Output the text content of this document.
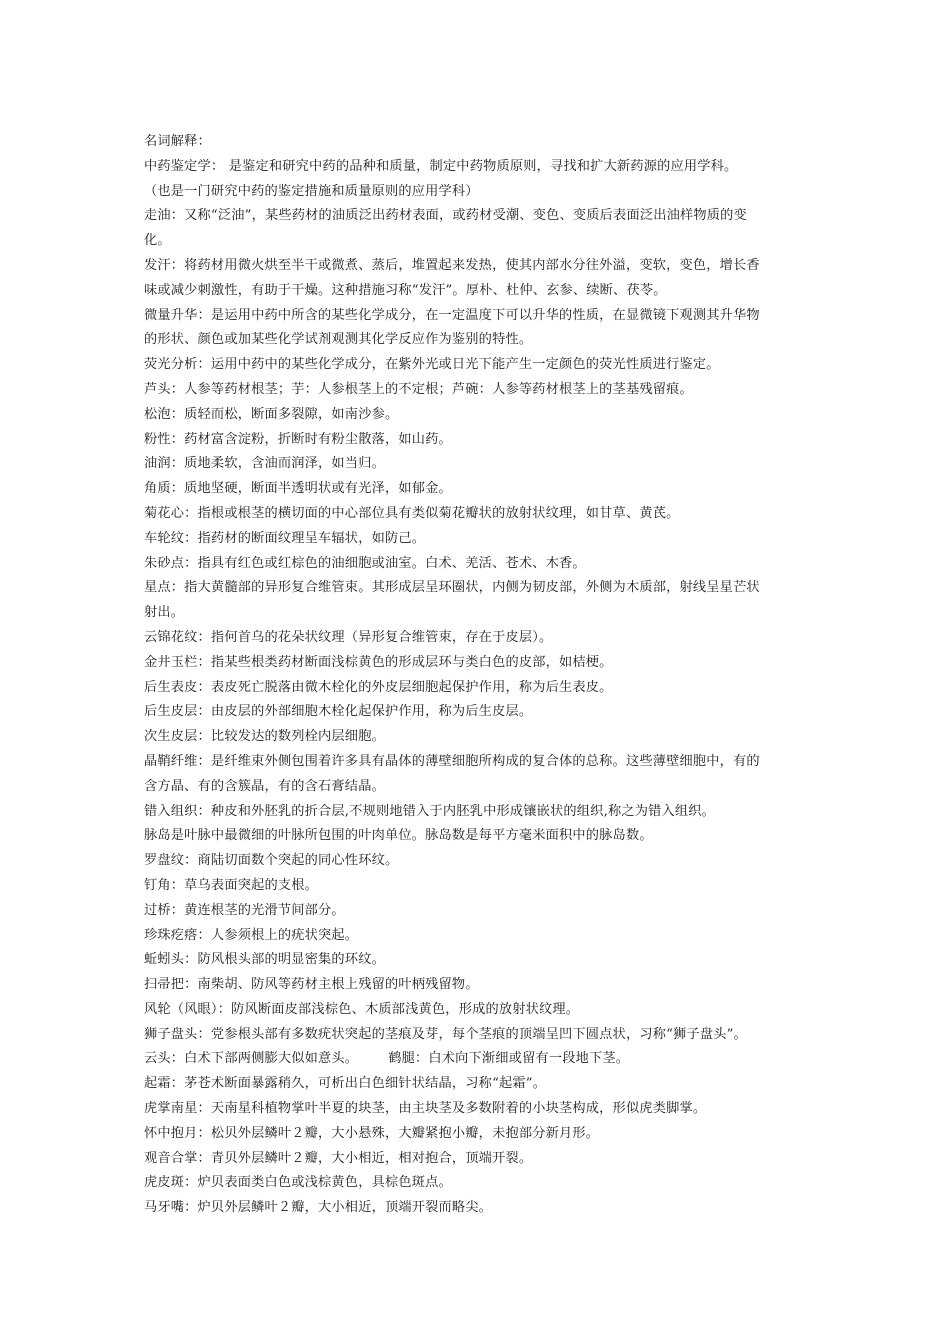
名词解释：
中药鉴定学： 是鉴定和研究中药的品种和质量，制定中药物质原则，寻找和扩大新药源的应用学科。
（也是一门研究中药的鉴定措施和质量原则的应用学科）
走油：又称“泛油”，某些药材的油质泛出药材表面，或药材受潮、变色、变质后表面泛出油样物质的变
化。
发汗：将药材用微火烘至半干或微煮、蒸后，堆置起来发热，使其内部水分往外溢，变软，变色，增长香
味或减少刺激性，有助于干燥。这种措施习称“发汗”。厚朴、杜仲、玄参、续断、茯苓。
微量升华：是运用中药中所含的某些化学成分，在一定温度下可以升华的性质，在显微镜下观测其升华物
的形状、颜色或加某些化学试剂观测其化学反应作为鉴别的特性。
荧光分析：运用中药中的某些化学成分，在紫外光或日光下能产生一定颜色的荧光性质进行鉴定。
芦头：人参等药材根茎；芋：人参根茎上的不定根；芦碗：人参等药材根茎上的茎基残留痕。
松泡：质轻而松，断面多裂隙，如南沙参。
粉性：药材富含淀粉，折断时有粉尘散落，如山药。
油润：质地柔软，含油而润泽，如当归。
角质：质地坚硬，断面半透明状或有光泽，如郁金。
菊花心：指根或根茎的横切面的中心部位具有类似菊花瓣状的放射状纹理，如甘草、黄芪。
车轮纹：指药材的断面纹理呈车辐状，如防己。
朱砂点：指具有红色或红棕色的油细胞或油室。白术、羌活、苍术、木香。
星点：指大黄髓部的异形复合维管束。其形成层呈环圈状，内侧为韧皮部，外侧为木质部，射线呈星芒状
射出。
云锦花纹：指何首乌的花朵状纹理（异形复合维管束，存在于皮层）。
金井玉栏：指某些根类药材断面浅棕黄色的形成层环与类白色的皮部，如桔梗。
后生表皮：表皮死亡脱落由微木栓化的外皮层细胞起保护作用，称为后生表皮。
后生皮层：由皮层的外部细胞木栓化起保护作用，称为后生皮层。
次生皮层：比较发达的数列栓内层细胞。
晶鞘纤维：是纤维束外侧包围着许多具有晶体的薄壁细胞所构成的复合体的总称。这些薄壁细胞中，有的
含方晶、有的含簇晶，有的含石膏结晶。
错入组织：种皮和外胚乳的折合层,不规则地错入于内胚乳中形成镶嵌状的组织,称之为错入组织。
脉岛是叶脉中最微细的叶脉所包围的叶肉单位。脉岛数是每平方毫米面积中的脉岛数。
罗盘纹：商陆切面数个突起的同心性环纹。
钉角：草乌表面突起的支根。
过桥：黄连根茎的光滑节间部分。
珍珠疙瘩：人参须根上的疣状突起。
蚯蚓头：防风根头部的明显密集的环纹。
扫帚把：南柴胡、防风等药材主根上残留的叶柄残留物。
风轮（风眼）：防风断面皮部浅棕色、木质部浅黄色，形成的放射状纹理。
狮子盘头：党参根头部有多数疣状突起的茎痕及芽，每个茎痕的顶端呈凹下圆点状，习称“狮子盘头”。
云头：白术下部两侧膨大似如意头。 鹤腿：白术向下渐细或留有一段地下茎。
起霜：茅苍术断面暴露稍久，可析出白色细针状结晶，习称“起霜”。
虎掌南星：天南星科植物掌叶半夏的块茎，由主块茎及多数附着的小块茎构成，形似虎类脚掌。
怀中抱月：松贝外层鳞叶２瓣，大小悬殊，大瓣紧抱小瓣，未抱部分新月形。
观音合掌：青贝外层鳞叶２瓣，大小相近，相对抱合，顶端开裂。
虎皮斑：炉贝表面类白色或浅棕黄色，具棕色斑点。
马牙嘴：炉贝外层鳞叶２瓣，大小相近，顶端开裂而略尖。
